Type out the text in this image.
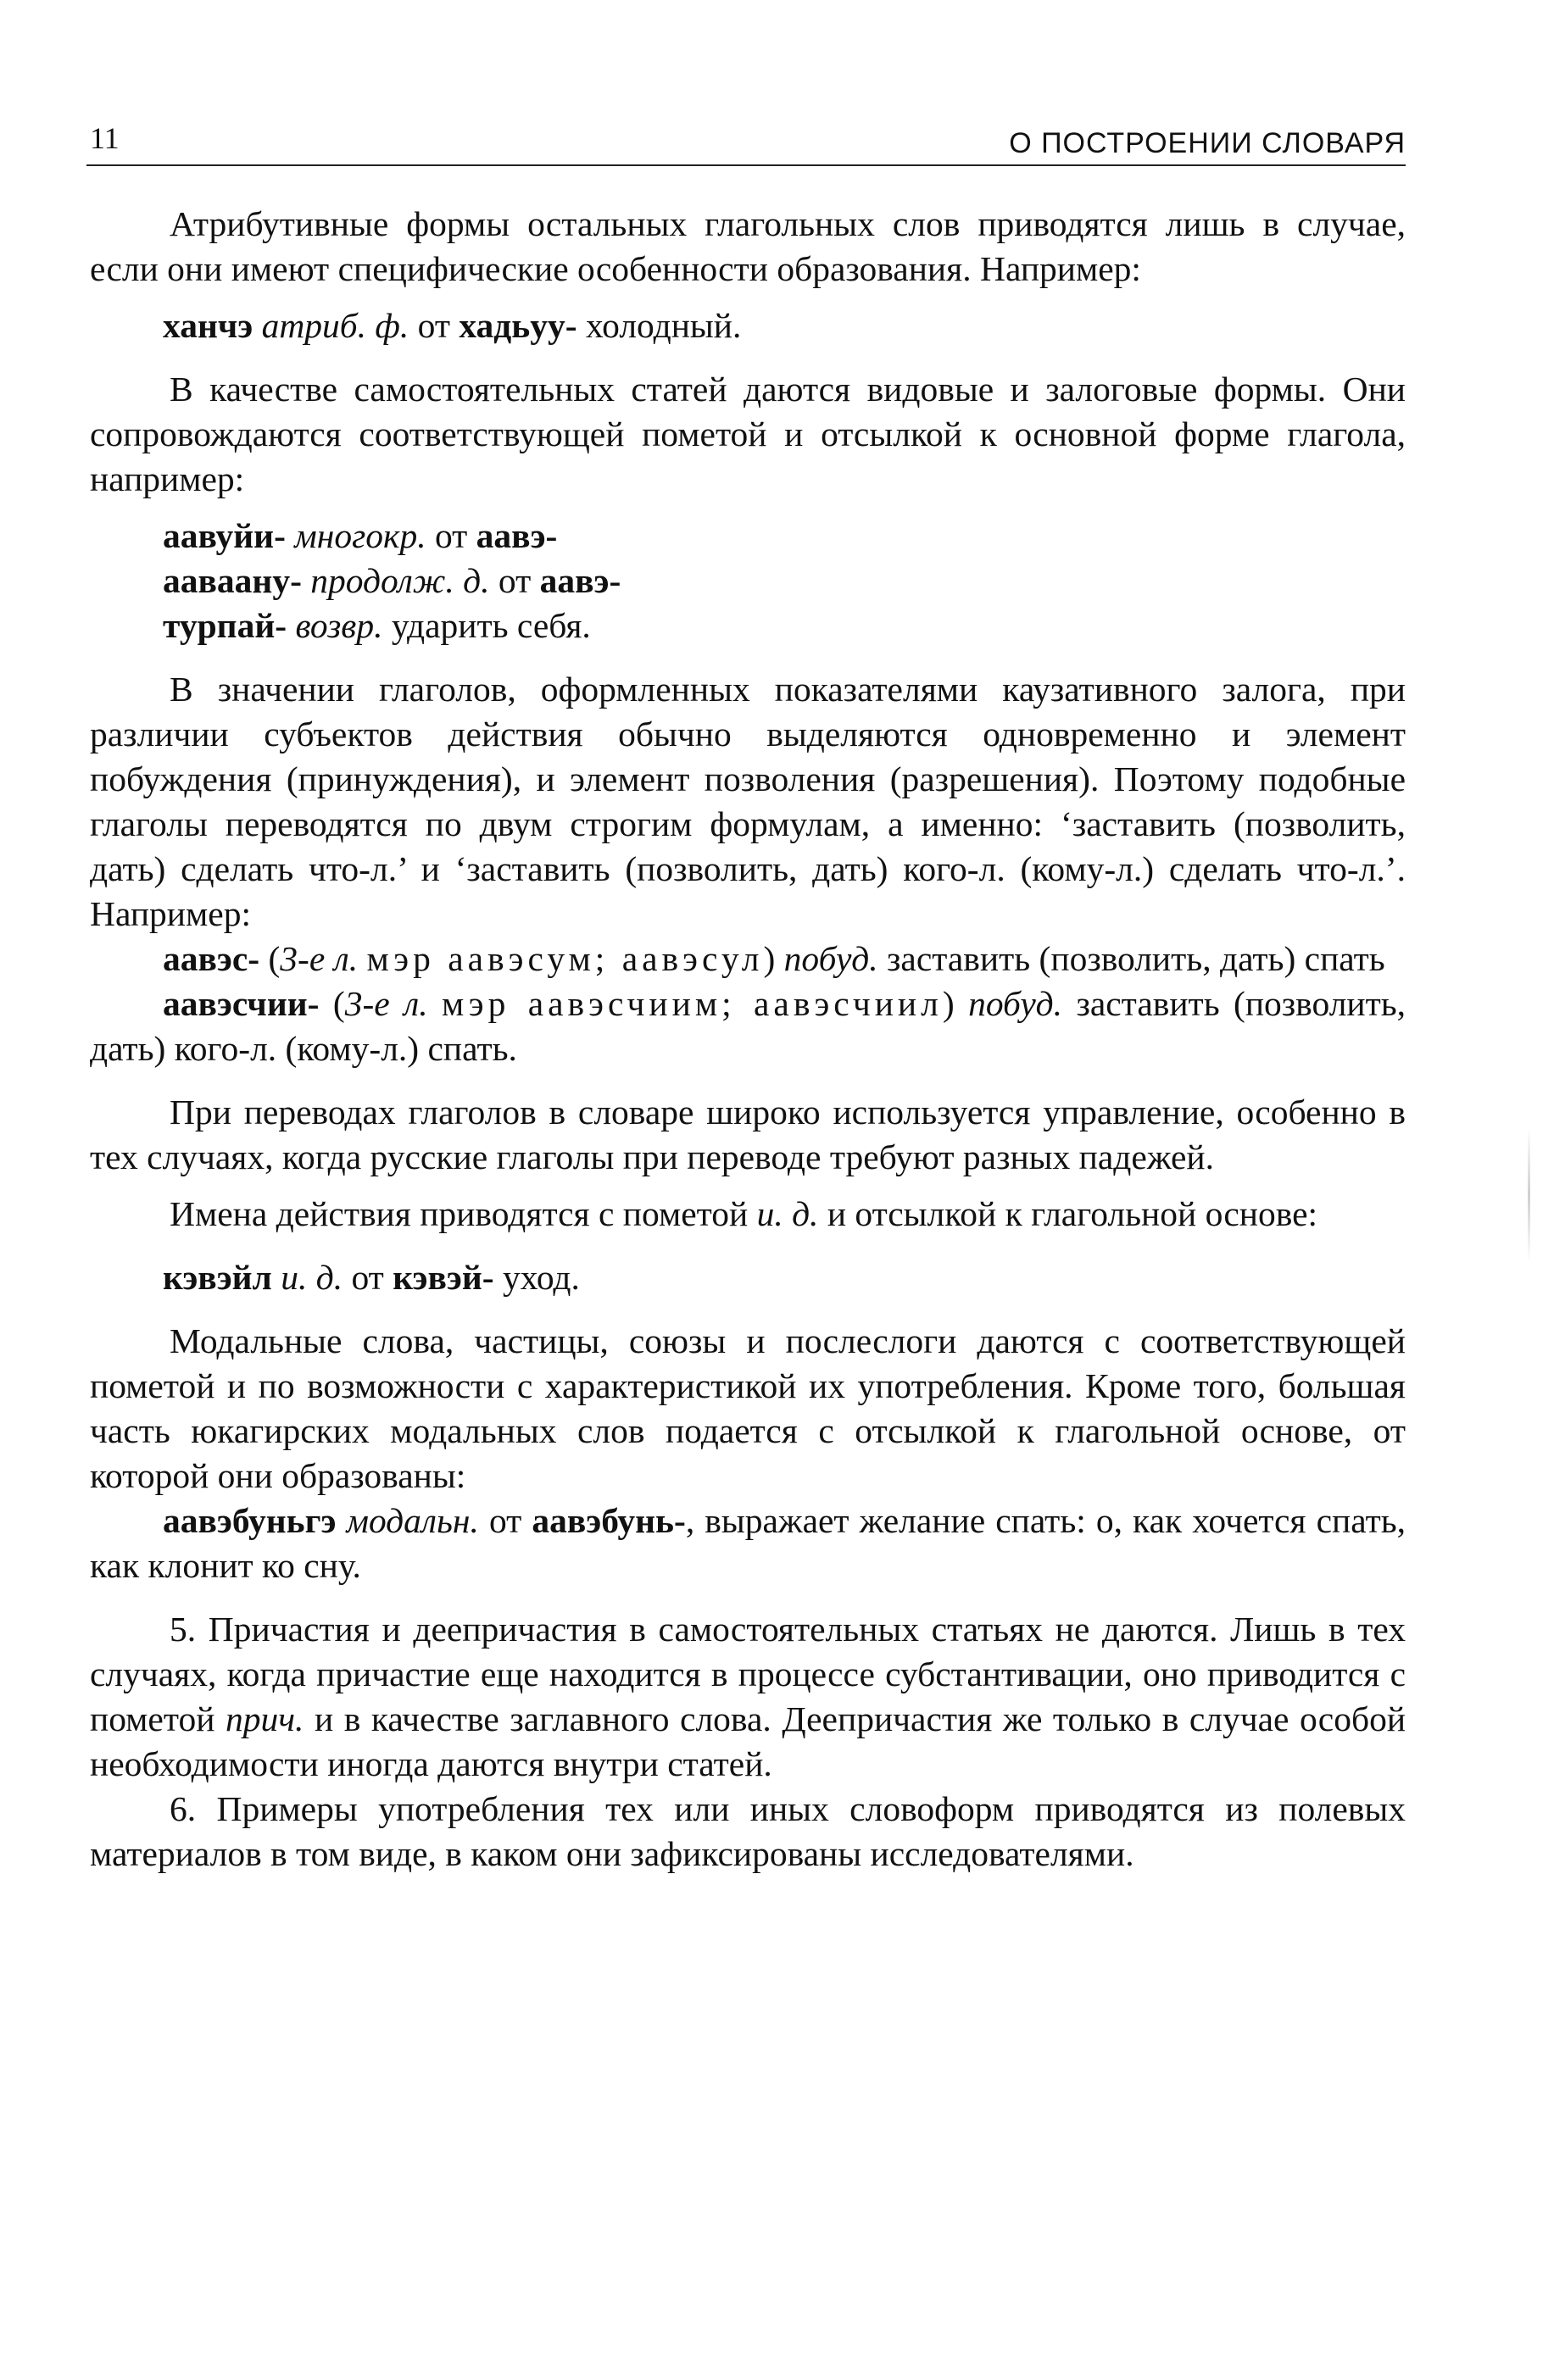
11	О ПОСТРОЕНИИ СЛОВАРЯ

Атрибутивные формы остальных глагольных слов приводятся лишь в случае, если они имеют специфические особенности образования. Например:

ханчэ атриб. ф. от хадьуу- холодный.

В качестве самостоятельных статей даются видовые и залоговые формы. Они сопровождаются соответствующей пометой и отсылкой к основной форме глагола, например:

аавуйи- многокр. от аавэ-

аавaaну- продолж. д. от аавэ-

турпай- возвр. ударить себя.

В значении глаголов, оформленных показателями каузативного залога, при различии субъектов действия обычно выделяются одновременно и элемент побуждения (принуждения), и элемент позволения (разрешения). Поэтому подобные глаголы переводятся по двум строгим формулам, а именно: ‘заставить (позволить, дать) сделать что-л.’ и ‘заставить (позволить, дать) кого-л. (кому-л.) сделать что-л.’. Например:

аавэс- (3-е л. мэр аавэсум; аавэсул) побуд. заставить (позволить, дать) спать

аавэсчии- (3-е л. мэр аавэсчиим; аавэсчиил) побуд. заставить (позволить, дать) кого-л. (кому-л.) спать.

При переводах глаголов в словаре широко используется управление, особенно в тех случаях, когда русские глаголы при переводе требуют разных падежей.

Имена действия приводятся с пометой и. д. и отсылкой к глагольной основе:

кэвэйл и. д. от кэвэй- уход.

Модальные слова, частицы, союзы и послеслоги даются с соответствующей пометой и по возможности с характеристикой их употребления. Кроме того, большая часть юкагирских модальных слов подается с отсылкой к глагольной основе, от которой они образованы:

аавэбуньгэ модальн. от аавэбунь-, выражает желание спать: о, как хочется спать, как клонит ко сну.

5. Причастия и деепричастия в самостоятельных статьях не даются. Лишь в тех случаях, когда причастие еще находится в процессе субстантивации, оно приводится с пометой прич. и в качестве заглавного слова. Деепричастия же только в случае особой необходимости иногда даются внутри статей.

6. Примеры употребления тех или иных словоформ приводятся из полевых материалов в том виде, в каком они зафиксированы исследователями.
